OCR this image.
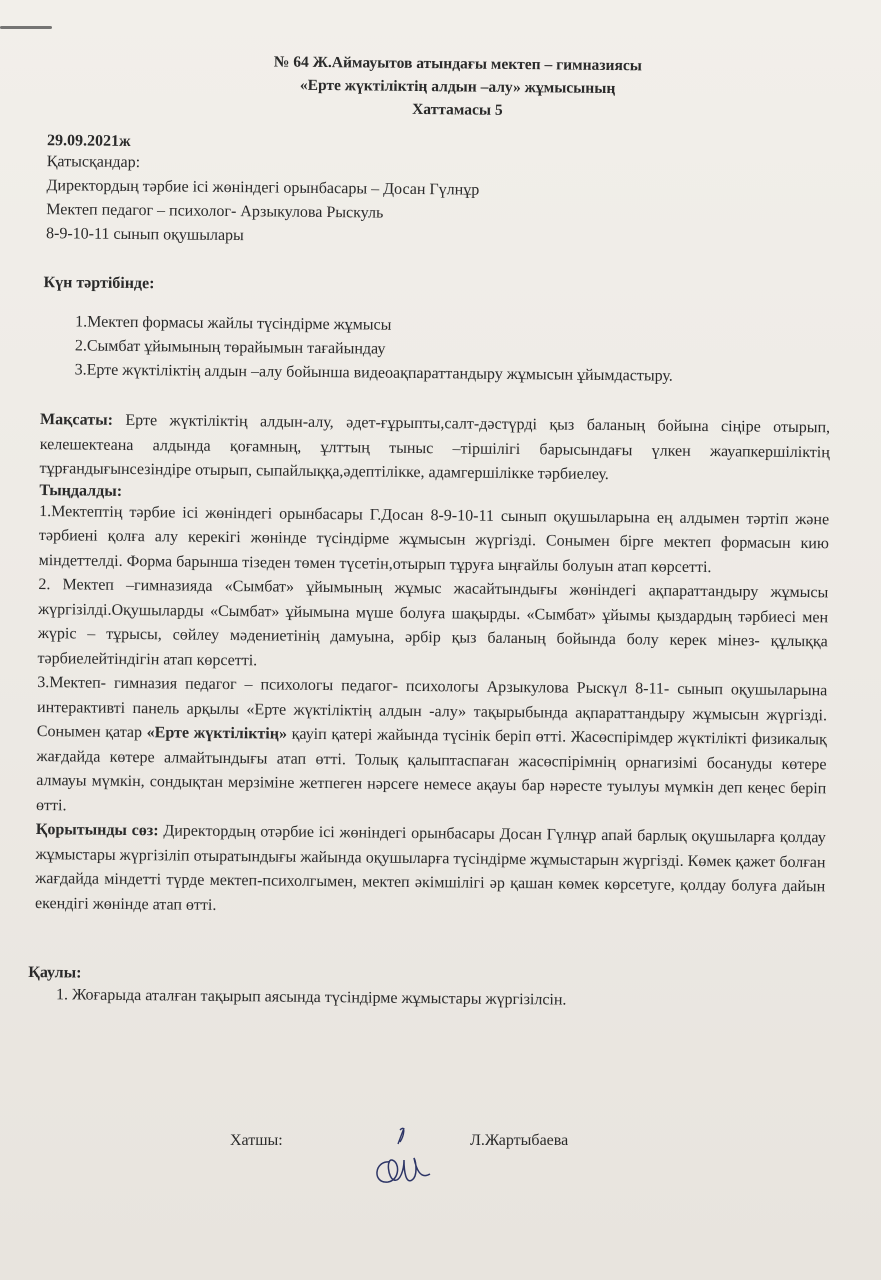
№ 64 Ж.Аймауытов атындағы мектеп – гимназиясы
«Ерте жүктіліктің алдын –алу» жұмысының
Хаттамасы 5
29.09.2021ж
Қатысқандар:
Директордың тәрбие ісі жөніндегі орынбасары – Досан Гүлнұр
Мектеп педагог – психолог- Арзыкулова Рыскуль
8-9-10-11 сынып оқушылары
Күн тәртібінде:
1.Мектеп формасы жайлы түсіндірме жұмысы
2.Сымбат ұйымының төрайымын тағайындау
3.Ерте жүктіліктің алдын –алу бойынша видеоақпараттандыру жұмысын ұйымдастыру.
Мақсаты: Ерте жүктіліктің алдын-алу, әдет-ғұрыпты,салт-дәстүрді қыз баланың бойына сіңіре отырып, келешектеана алдында қоғамның, ұлттың тыныс –тіршілігі барысындағы үлкен жауапкершіліктің тұрғандығынсезіндіре отырып, сыпайлыққа,әдептілікке, адамгершілікке тәрбиелеу.
Тыңдалды:
1.Мектептің тәрбие ісі жөніндегі орынбасары Г.Досан 8-9-10-11 сынып оқушыларына ең алдымен тәртіп және тәрбиені қолға алу керекігі жөнінде түсіндірме жұмысын жүргізді. Сонымен бірге мектеп формасын кию міндеттелді. Форма барынша тізеден төмен түсетін,отырып тұруға ыңғайлы болуын атап көрсетті.
2. Мектеп –гимназияда «Сымбат» ұйымының жұмыс жасайтындығы жөніндегі ақпараттандыру жұмысы жүргізілді.Оқушыларды «Сымбат» ұйымына мүше болуға шақырды. «Сымбат» ұйымы қыздардың тәрбиесі мен жүріс – тұрысы, сөйлеу мәдениетінің дамуына, әрбір қыз баланың бойында болу керек мінез- құлыққа тәрбиелейтіндігін атап көрсетті.
3.Мектеп- гимназия педагог – психологы педагог- психологы Арзыкулова Рыскүл 8-11- сынып оқушыларына интерактивті панель арқылы «Ерте жүктіліктің алдын -алу» тақырыбында ақпараттандыру жұмысын жүргізді. Сонымен қатар «Ерте жүктіліктің» қауіп қатері жайында түсінік беріп өтті. Жасөспірімдер жүктілікті физикалық жағдайда көтере алмайтындығы атап өтті. Толық қалыптаспаған жасөспірімнің орнагизімі босануды көтере алмауы мүмкін, сондықтан мерзіміне жетпеген нәрсеге немесе ақауы бар нәресте туылуы мүмкін деп кеңес беріп өтті.
Қорытынды сөз: Директордың отәрбие ісі жөніндегі орынбасары Досан Гүлнұр апай барлық оқушыларға қолдау жұмыстары жүргізіліп отыратындығы жайында оқушыларға түсіндірме жұмыстарын жүргізді. Көмек қажет болған жағдайда міндетті түрде мектеп-психолгымен, мектеп әкімшілігі әр қашан көмек көрсетуге, қолдау болуға дайын екендігі жөнінде атап өтті.
Қаулы:
1. Жоғарыда аталған тақырып аясында түсіндірме жұмыстары жүргізілсін.
Хатшы:	Л.Жартыбаева
